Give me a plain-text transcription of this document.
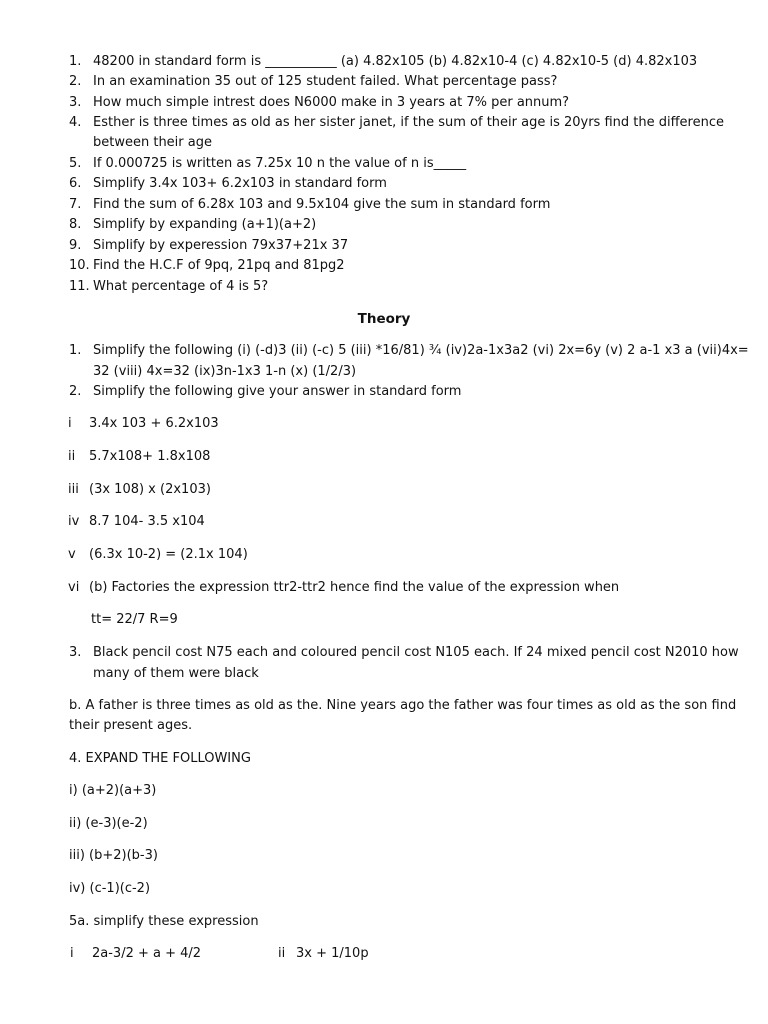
1. 48200 in standard form is ___________ (a) 4.82x105 (b) 4.82x10-4 (c) 4.82x10-5 (d) 4.82x103
2. In an examination 35 out of 125 student failed. What percentage pass?
3. How much simple intrest does N6000 make in 3 years at 7% per annum?
4. Esther is three times as old as her sister janet, if the sum of their age is 20yrs find the difference
between their age
5. If 0.000725 is written as 7.25x 10 n the value of n is_____
6. Simplify 3.4x 103+ 6.2x103 in standard form
7. Find the sum of 6.28x 103 and 9.5x104 give the sum in standard form
8. Simplify by expanding (a+1)(a+2)
9. Simplify by experession 79x37+21x 37
10. Find the H.C.F of 9pq, 21pq and 81pg2
11. What percentage of 4 is 5?
Theory
1. Simplify the following (i) (-d)3 (ii) (-c) 5 (iii) *16/81) ¾ (iv)2a-1x3a2 (vi) 2x=6y (v) 2 a-1 x3 a (vii)4x=
32 (viii) 4x=32 (ix)3n-1x3 1-n (x) (1/2/3)
2. Simplify the following give your answer in standard form
i 3.4x 103 + 6.2x103
ii 5.7x108+ 1.8x108
iii (3x 108) x (2x103)
iv 8.7 104- 3.5 x104
v (6.3x 10-2) = (2.1x 104)
vi (b) Factories the expression ttr2-ttr2 hence find the value of the expression when
tt= 22/7 R=9
3. Black pencil cost N75 each and coloured pencil cost N105 each. If 24 mixed pencil cost N2010 how
many of them were black
b. A father is three times as old as the. Nine years ago the father was four times as old as the son find
their present ages.
4. EXPAND THE FOLLOWING
i) (a+2)(a+3)
ii) (e-3)(e-2)
iii) (b+2)(b-3)
iv) (c-1)(c-2)
5a. simplify these expression
i 2a-3/2 + a + 4/2	ii 3x + 1/10p
